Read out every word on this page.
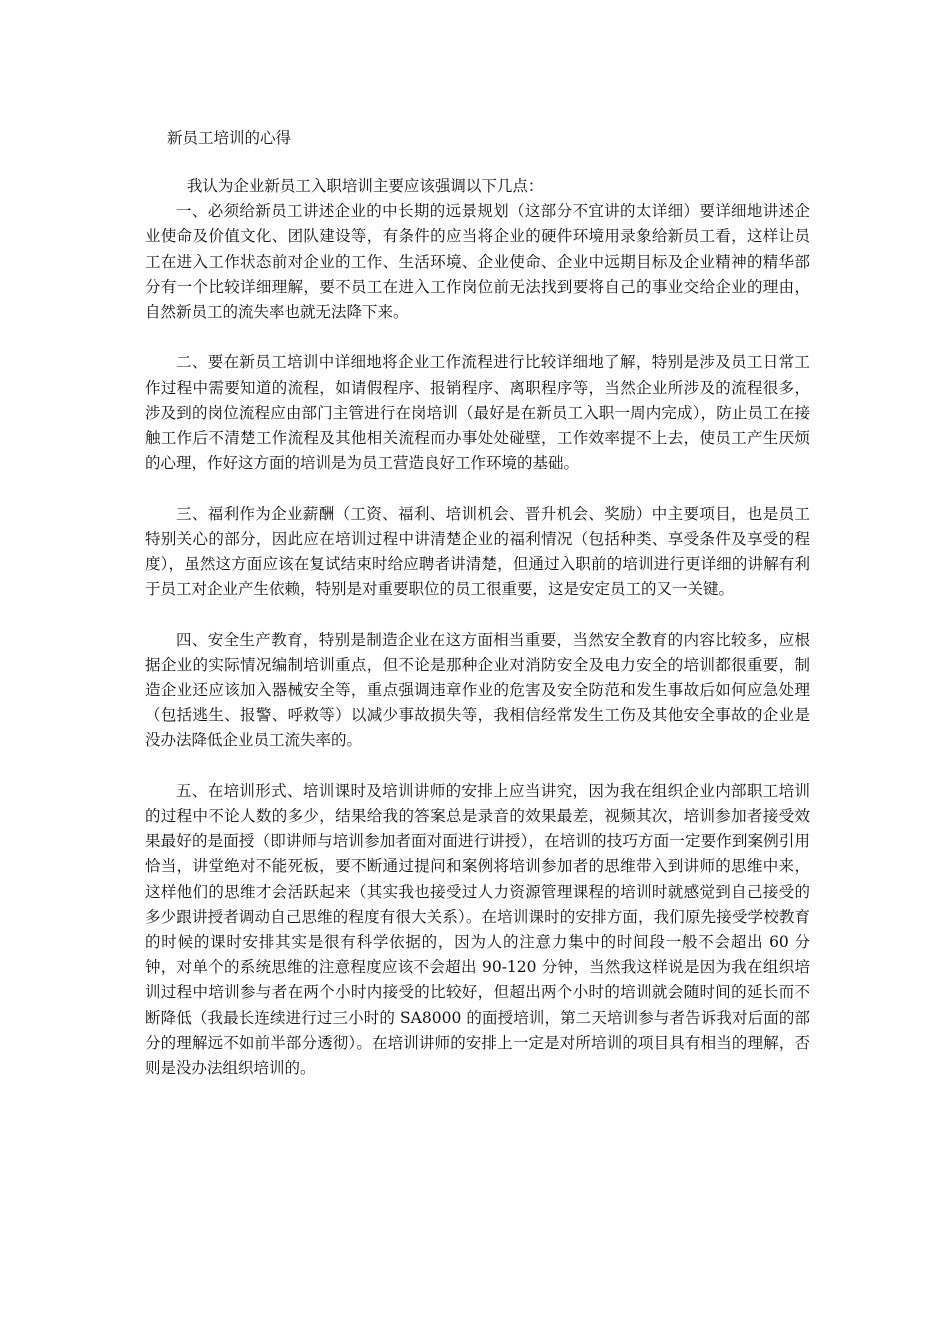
新员工培训的心得

我认为企业新员工入职培训主要应该强调以下几点：

一、必须给新员工讲述企业的中长期的远景规划（这部分不宜讲的太详细）要详细地讲述企业使命及价值文化、团队建设等，有条件的应当将企业的硬件环境用录象给新员工看，这样让员工在进入工作状态前对企业的工作、生活环境、企业使命、企业中远期目标及企业精神的精华部分有一个比较详细理解，要不员工在进入工作岗位前无法找到要将自己的事业交给企业的理由，自然新员工的流失率也就无法降下来。

二、要在新员工培训中详细地将企业工作流程进行比较详细地了解，特别是涉及员工日常工作过程中需要知道的流程，如请假程序、报销程序、离职程序等，当然企业所涉及的流程很多，涉及到的岗位流程应由部门主管进行在岗培训（最好是在新员工入职一周内完成），防止员工在接触工作后不清楚工作流程及其他相关流程而办事处处碰壁，工作效率提不上去，使员工产生厌烦的心理，作好这方面的培训是为员工营造良好工作环境的基础。

三、福利作为企业薪酬（工资、福利、培训机会、晋升机会、奖励）中主要项目，也是员工特别关心的部分，因此应在培训过程中讲清楚企业的福利情况（包括种类、享受条件及享受的程度），虽然这方面应该在复试结束时给应聘者讲清楚，但通过入职前的培训进行更详细的讲解有利于员工对企业产生依赖，特别是对重要职位的员工很重要，这是安定员工的又一关键。

四、安全生产教育，特别是制造企业在这方面相当重要，当然安全教育的内容比较多，应根据企业的实际情况编制培训重点，但不论是那种企业对消防安全及电力安全的培训都很重要，制造企业还应该加入器械安全等，重点强调违章作业的危害及安全防范和发生事故后如何应急处理（包括逃生、报警、呼救等）以减少事故损失等，我相信经常发生工伤及其他安全事故的企业是没办法降低企业员工流失率的。

五、在培训形式、培训课时及培训讲师的安排上应当讲究，因为我在组织企业内部职工培训的过程中不论人数的多少，结果给我的答案总是录音的效果最差，视频其次，培训参加者接受效果最好的是面授（即讲师与培训参加者面对面进行讲授），在培训的技巧方面一定要作到案例引用恰当，讲堂绝对不能死板，要不断通过提问和案例将培训参加者的思维带入到讲师的思维中来，这样他们的思维才会活跃起来（其实我也接受过人力资源管理课程的培训时就感觉到自己接受的多少跟讲授者调动自己思维的程度有很大关系）。在培训课时的安排方面，我们原先接受学校教育的时候的课时安排其实是很有科学依据的，因为人的注意力集中的时间段一般不会超出 60 分钟，对单个的系统思维的注意程度应该不会超出 90-120 分钟，当然我这样说是因为我在组织培训过程中培训参与者在两个小时内接受的比较好，但超出两个小时的培训就会随时间的延长而不断降低（我最长连续进行过三小时的 SA8000 的面授培训，第二天培训参与者告诉我对后面的部分的理解远不如前半部分透彻）。在培训讲师的安排上一定是对所培训的项目具有相当的理解，否则是没办法组织培训的。
